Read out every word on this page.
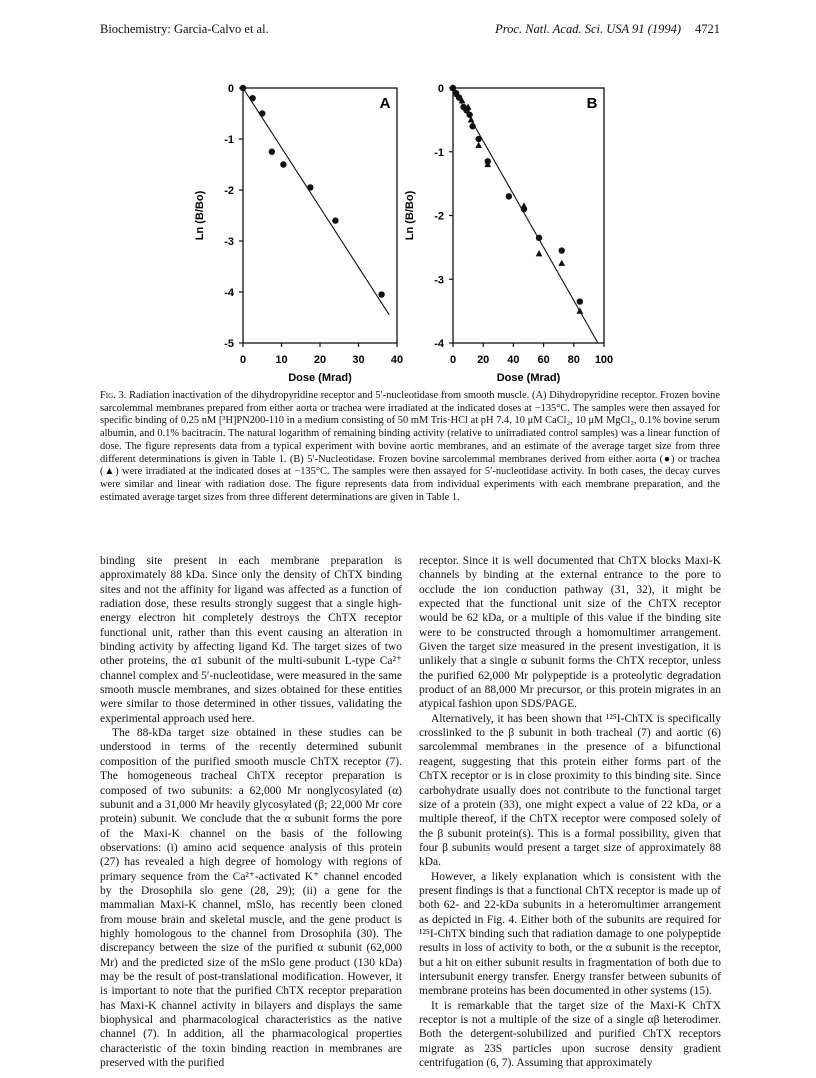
Biochemistry: Garcia-Calvo et al.	Proc. Natl. Acad. Sci. USA 91 (1994) 4721
0	10 20 30 40
0
-1
-2
-3
-4
-5
Dose (Mrad)
Ln (B/Bo)
A
0 20 40 60 80 100
0
-1
-2
-3
-4
Dose (Mrad)
Ln (B/Bo)
B
Fig. 3. Radiation inactivation of the dihydropyridine receptor and 5′-nucleotidase from smooth muscle. (A) Dihydropyridine receptor. Frozen bovine sarcolemmal membranes prepared from either aorta or trachea were irradiated at the indicated doses at −135°C. The samples were then assayed for specific binding of 0.25 nM [³H]PN200-110 in a medium consisting of 50 mM Tris·HCl at pH 7.4, 10 μM CaCl₂, 10 μM MgCl₂, 0.1% bovine serum albumin, and 0.1% bacitracin. The natural logarithm of remaining binding activity (relative to unirradiated control samples) was a linear function of dose. The figure represents data from a typical experiment with bovine aortic membranes, and an estimate of the average target size from three different determinations is given in Table 1. (B) 5′-Nucleotidase. Frozen bovine sarcolemmal membranes derived from either aorta (●) or trachea (▲) were irradiated at the indicated doses at −135°C. The samples were then assayed for 5′-nucleotidase activity. In both cases, the decay curves were similar and linear with radiation dose. The figure represents data from individual experiments with each membrane preparation, and the estimated average target sizes from three different determinations are given in Table 1.

binding site present in each membrane preparation is approximately 88 kDa. Since only the density of ChTX binding sites and not the affinity for ligand was affected as a function of radiation dose, these results strongly suggest that a single high-energy electron hit completely destroys the ChTX receptor functional unit, rather than this event causing an alteration in binding activity by affecting ligand Kd. The target sizes of two other proteins, the α1 subunit of the multi-subunit L-type Ca²⁺ channel complex and 5′-nucleotidase, were measured in the same smooth muscle membranes, and sizes obtained for these entities were similar to those determined in other tissues, validating the experimental approach used here.

The 88-kDa target size obtained in these studies can be understood in terms of the recently determined subunit composition of the purified smooth muscle ChTX receptor (7). The homogeneous tracheal ChTX receptor preparation is composed of two subunits: a 62,000 Mr nonglycosylated (α) subunit and a 31,000 Mr heavily glycosylated (β; 22,000 Mr core protein) subunit. We conclude that the α subunit forms the pore of the Maxi-K channel on the basis of the following observations: (i) amino acid sequence analysis of this protein (27) has revealed a high degree of homology with regions of primary sequence from the Ca²⁺-activated K⁺ channel encoded by the Drosophila slo gene (28, 29); (ii) a gene for the mammalian Maxi-K channel, mSlo, has recently been cloned from mouse brain and skeletal muscle, and the gene product is highly homologous to the channel from Drosophila (30). The discrepancy between the size of the purified α subunit (62,000 Mr) and the predicted size of the mSlo gene product (130 kDa) may be the result of post-translational modification. However, it is important to note that the purified ChTX receptor preparation has Maxi-K channel activity in bilayers and displays the same biophysical and pharmacological characteristics as the native channel (7). In addition, all the pharmacological properties characteristic of the toxin binding reaction in membranes are preserved with the purified

receptor. Since it is well documented that ChTX blocks Maxi-K channels by binding at the external entrance to the pore to occlude the ion conduction pathway (31, 32), it might be expected that the functional unit size of the ChTX receptor would be 62 kDa, or a multiple of this value if the binding site were to be constructed through a homomultimer arrangement. Given the target size measured in the present investigation, it is unlikely that a single α subunit forms the ChTX receptor, unless the purified 62,000 Mr polypeptide is a proteolytic degradation product of an 88,000 Mr precursor, or this protein migrates in an atypical fashion upon SDS/PAGE.

Alternatively, it has been shown that ¹²⁵I-ChTX is specifically crosslinked to the β subunit in both tracheal (7) and aortic (6) sarcolemmal membranes in the presence of a bifunctional reagent, suggesting that this protein either forms part of the ChTX receptor or is in close proximity to this binding site. Since carbohydrate usually does not contribute to the functional target size of a protein (33), one might expect a value of 22 kDa, or a multiple thereof, if the ChTX receptor were composed solely of the β subunit protein(s). This is a formal possibility, given that four β subunits would present a target size of approximately 88 kDa.

However, a likely explanation which is consistent with the present findings is that a functional ChTX receptor is made up of both 62- and 22-kDa subunits in a heteromultimer arrangement as depicted in Fig. 4. Either both of the subunits are required for ¹²⁵I-ChTX binding such that radiation damage to one polypeptide results in loss of activity to both, or the α subunit is the receptor, but a hit on either subunit results in fragmentation of both due to intersubunit energy transfer. Energy transfer between subunits of membrane proteins has been documented in other systems (15).

It is remarkable that the target size of the Maxi-K ChTX receptor is not a multiple of the size of a single αβ heterodimer. Both the detergent-solubilized and purified ChTX receptors migrate as 23S particles upon sucrose density gradient centrifugation (6, 7). Assuming that approximately
